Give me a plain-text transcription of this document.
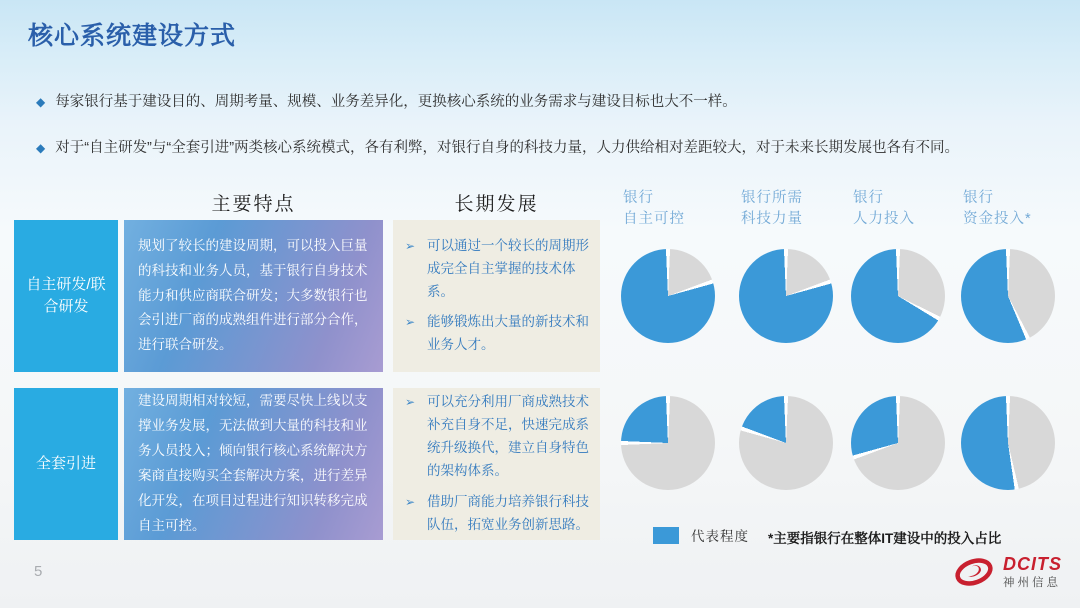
核心系统建设方式
◆ 每家银行基于建设目的、周期考量、规模、业务差异化，更换核心系统的业务需求与建设目标也大不一样。
◆ 对于“自主研发”与“全套引进”两类核心系统模式，各有利弊，对银行自身的科技力量，人力供给相对差距较大，对于未来长期发展也各有不同。
主要特点	长期发展	银行
自主可控
银行所需
科技力量
银行
人力投入
银行
资金投入*
自主研发/联合研发
规划了较长的建设周期，可以投入巨量的科技和业务人员，基于银行自身技术能力和供应商联合研发；大多数银行也会引进厂商的成熟组件进行部分合作，进行联合研发。
➢ 可以通过一个较长的周期形成完全自主掌握的技术体系。
➢ 能够锻炼出大量的新技术和业务人才。
全套引进
建设周期相对较短，需要尽快上线以支撑业务发展，无法做到大量的科技和业务人员投入；倾向银行核心系统解决方案商直接购买全套解决方案，进行差异化开发，在项目过程进行知识转移完成自主可控。
➢ 可以充分利用厂商成熟技术补充自身不足，快速完成系统升级换代，建立自身特色的架构体系。
➢ 借助厂商能力培养银行科技队伍，拓宽业务创新思路。
代表程度 *主要指银行在整体IT建设中的投入占比
5	DCITS
神州信息
